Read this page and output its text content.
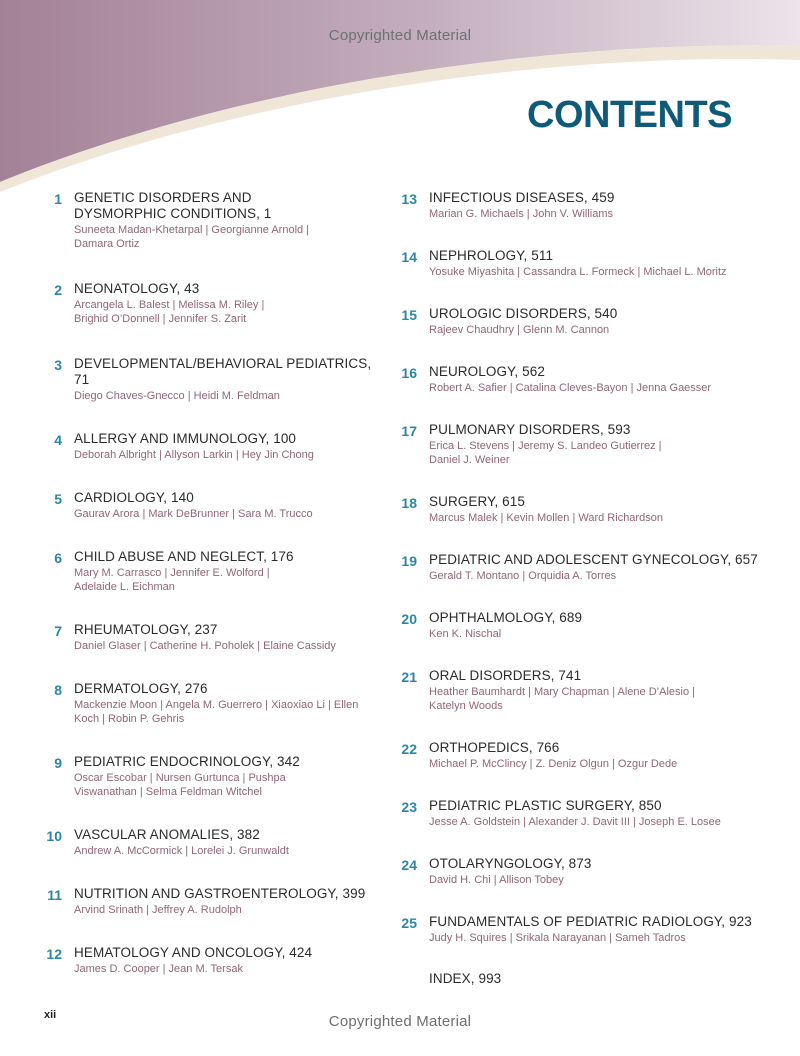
Copyrighted Material
CONTENTS
1 GENETIC DISORDERS AND DYSMORPHIC CONDITIONS, 1
Suneeta Madan-Khetarpal | Georgianne Arnold | Damara Ortiz
2 NEONATOLOGY, 43
Arcangela L. Balest | Melissa M. Riley | Brighid O’Donnell | Jennifer S. Zarit
3 DEVELOPMENTAL/BEHAVIORAL PEDIATRICS, 71
Diego Chaves-Gnecco | Heidi M. Feldman
4 ALLERGY AND IMMUNOLOGY, 100
Deborah Albright | Allyson Larkin | Hey Jin Chong
5 CARDIOLOGY, 140
Gaurav Arora | Mark DeBrunner | Sara M. Trucco
6 CHILD ABUSE AND NEGLECT, 176
Mary M. Carrasco | Jennifer E. Wolford | Adelaide L. Eichman
7 RHEUMATOLOGY, 237
Daniel Glaser | Catherine H. Poholek | Elaine Cassidy
8 DERMATOLOGY, 276
Mackenzie Moon | Angela M. Guerrero | Xiaoxiao Li | Ellen Koch | Robin P. Gehris
9 PEDIATRIC ENDOCRINOLOGY, 342
Oscar Escobar | Nursen Gurtunca | Pushpa Viswanathan | Selma Feldman Witchel
10 VASCULAR ANOMALIES, 382
Andrew A. McCormick | Lorelei J. Grunwaldt
11 NUTRITION AND GASTROENTEROLOGY, 399
Arvind Srinath | Jeffrey A. Rudolph
12 HEMATOLOGY AND ONCOLOGY, 424
James D. Cooper | Jean M. Tersak
13 INFECTIOUS DISEASES, 459
Marian G. Michaels | John V. Williams
14 NEPHROLOGY, 511
Yosuke Miyashita | Cassandra L. Formeck | Michael L. Moritz
15 UROLOGIC DISORDERS, 540
Rajeev Chaudhry | Glenn M. Cannon
16 NEUROLOGY, 562
Robert A. Safier | Catalina Cleves-Bayon | Jenna Gaesser
17 PULMONARY DISORDERS, 593
Erica L. Stevens | Jeremy S. Landeo Gutierrez | Daniel J. Weiner
18 SURGERY, 615
Marcus Malek | Kevin Mollen | Ward Richardson
19 PEDIATRIC AND ADOLESCENT GYNECOLOGY, 657
Gerald T. Montano | Orquidia A. Torres
20 OPHTHALMOLOGY, 689
Ken K. Nischal
21 ORAL DISORDERS, 741
Heather Baumhardt | Mary Chapman | Alene D’Alesio | Katelyn Woods
22 ORTHOPEDICS, 766
Michael P. McClincy | Z. Deniz Olgun | Ozgur Dede
23 PEDIATRIC PLASTIC SURGERY, 850
Jesse A. Goldstein | Alexander J. Davit III | Joseph E. Losee
24 OTOLARYNGOLOGY, 873
David H. Chi | Allison Tobey
25 FUNDAMENTALS OF PEDIATRIC RADIOLOGY, 923
Judy H. Squires | Srikala Narayanan | Sameh Tadros
INDEX, 993
xii	Copyrighted Material
